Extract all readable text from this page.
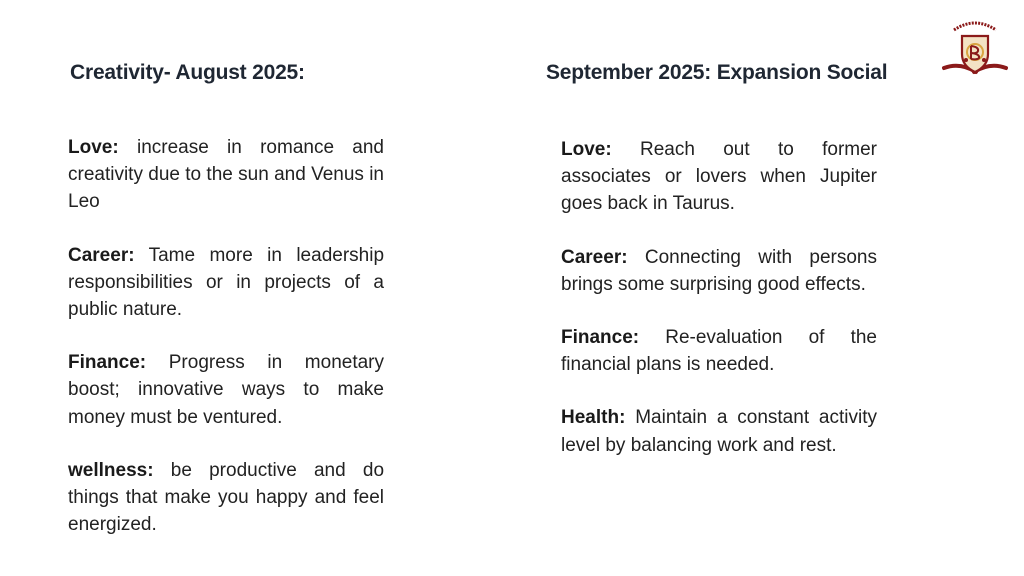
Creativity- August 2025:	September 2025: Expansion Social

Love: increase in romance and creativity due to the sun and Venus in Leo

Career: Tame more in leadership responsibilities or in projects of a public nature.

Finance: Progress in monetary boost; innovative ways to make money must be ventured.

wellness: be productive and do things that make you happy and feel energized.

Love: Reach out to former associates or lovers when Jupiter goes back in Taurus.

Career: Connecting with persons brings some surprising good effects.

Finance: Re-evaluation of the financial plans is needed.

Health: Maintain a constant activity level by balancing work and rest.
